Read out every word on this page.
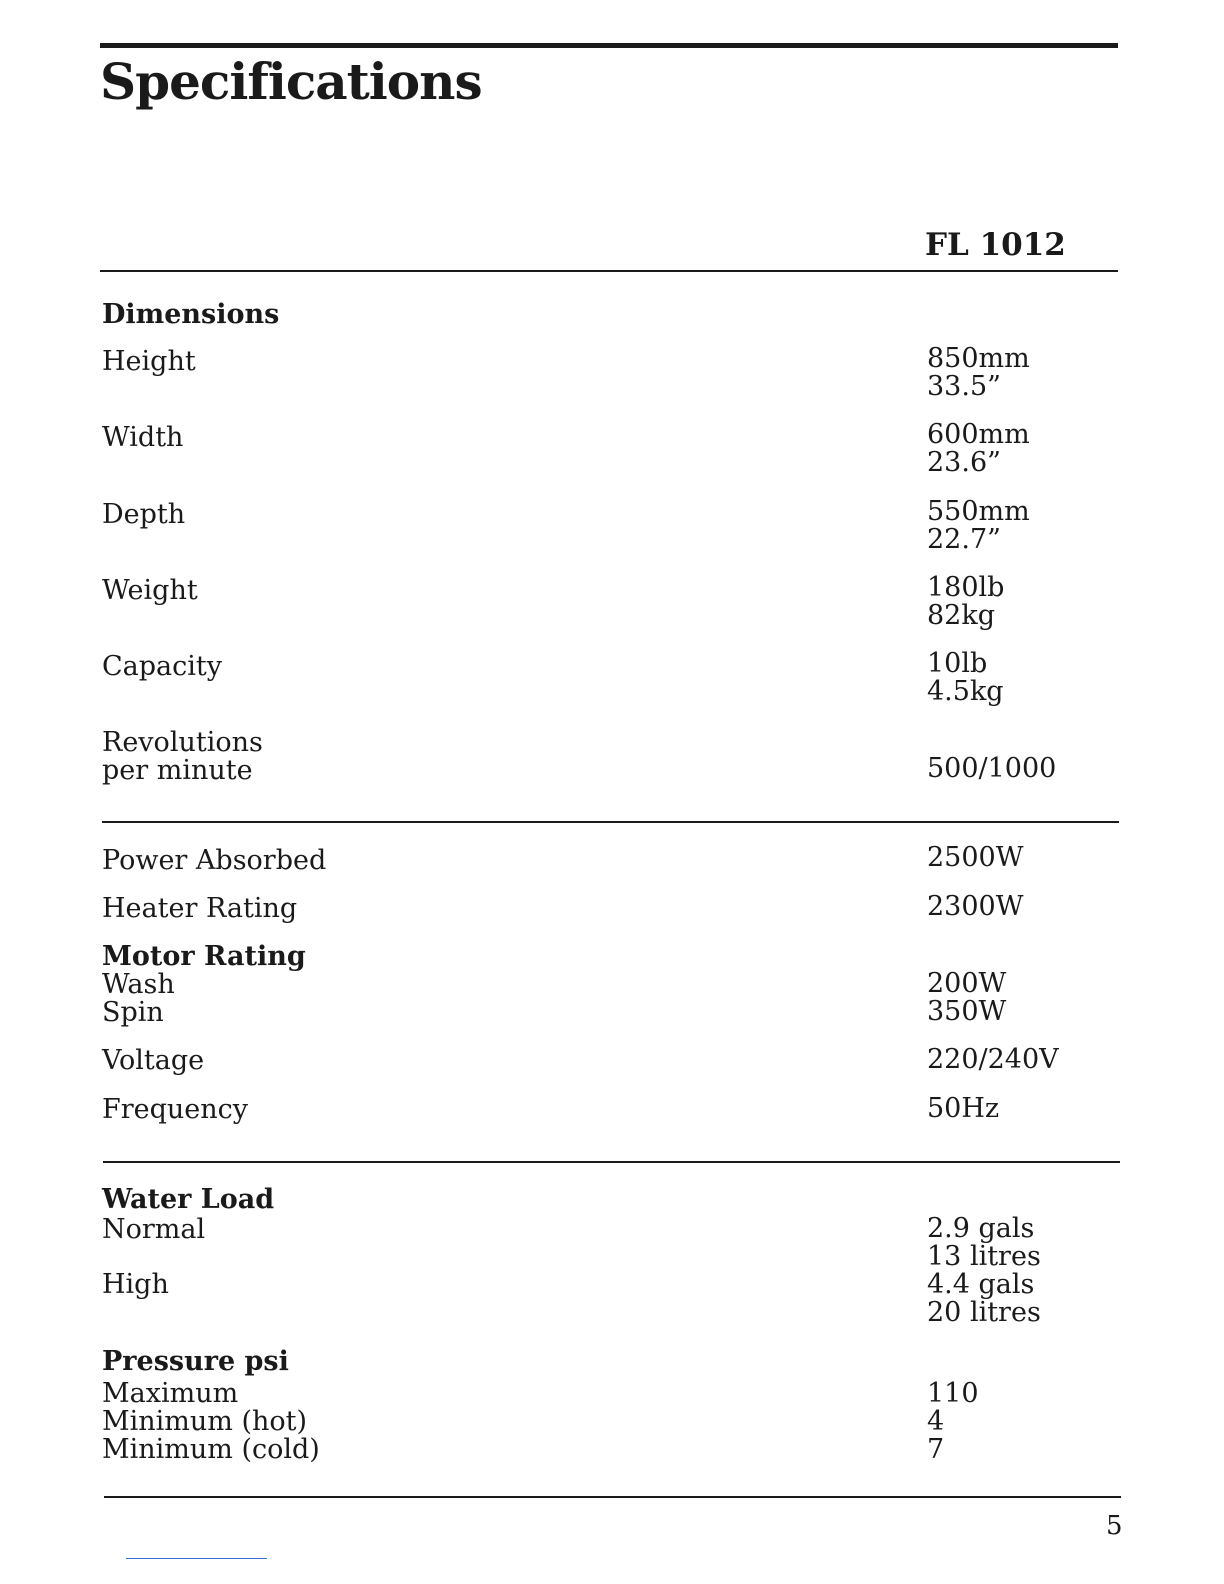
Specifications
FL 1012
Dimensions
Height	850mm
33.5”
Width	600mm
23.6”
Depth	550mm
22.7”
Weight	180lb
82kg
Capacity	10lb
4.5kg
Revolutions
per minute	500/1000
Power Absorbed	2500W
Heater Rating	2300W
Motor Rating
Wash	200W
Spin	350W
Voltage	220/240V
Frequency	50Hz
Water Load
Normal	2.9 gals
13 litres
High	4.4 gals
20 litres
Pressure psi
Maximum	110
Minimum (hot)	4
Minimum (cold)	7
5
